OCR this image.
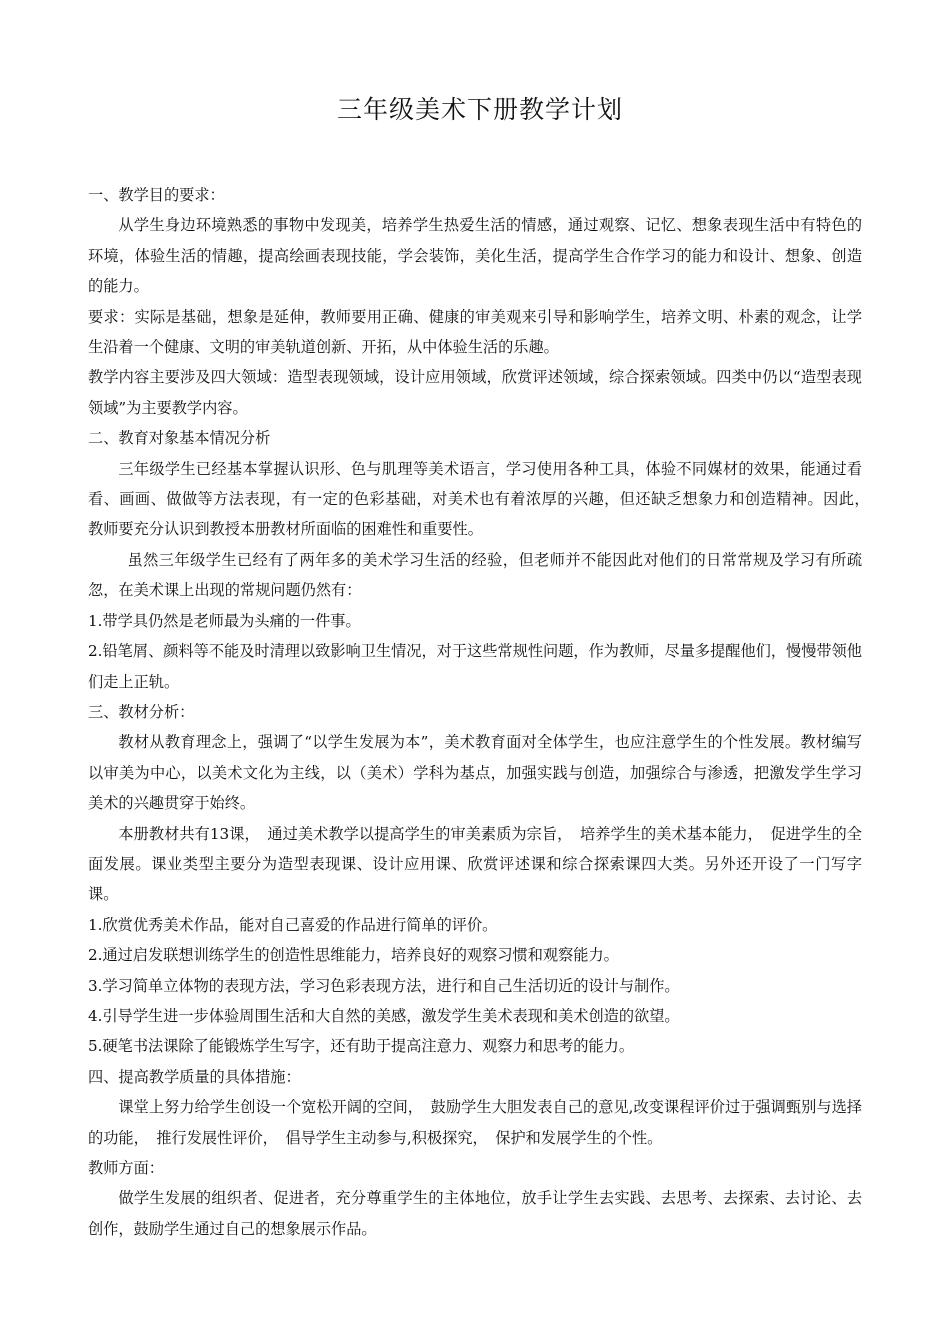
三年级美术下册教学计划

一、教学目的要求：

从学生身边环境熟悉的事物中发现美，培养学生热爱生活的情感，通过观察、记忆、想象表现生活中有特色的环境，体验生活的情趣，提高绘画表现技能，学会装饰，美化生活，提高学生合作学习的能力和设计、想象、创造的能力。

要求：实际是基础，想象是延伸，教师要用正确、健康的审美观来引导和影响学生，培养文明、朴素的观念，让学生沿着一个健康、文明的审美轨道创新、开拓，从中体验生活的乐趣。

教学内容主要涉及四大领域：造型表现领域，设计应用领域，欣赏评述领域，综合探索领域。四类中仍以“造型表现领域”为主要教学内容。

二、教育对象基本情况分析

三年级学生已经基本掌握认识形、色与肌理等美术语言，学习使用各种工具，体验不同媒材的效果，能通过看看、画画、做做等方法表现，有一定的色彩基础，对美术也有着浓厚的兴趣，但还缺乏想象力和创造精神。因此，　教师要充分认识到教授本册教材所面临的困难性和重要性。

虽然三年级学生已经有了两年多的美术学习生活的经验，但老师并不能因此对他们的日常常规及学习有所疏忽，在美术课上出现的常规问题仍然有：

1.带学具仍然是老师最为头痛的一件事。

2.铅笔屑、颜料等不能及时清理以致影响卫生情况，对于这些常规性问题，作为教师，尽量多提醒他们，慢慢带领他们走上正轨。

三、教材分析：

教材从教育理念上，强调了“以学生发展为本”，美术教育面对全体学生，也应注意学生的个性发展。教材编写以审美为中心，以美术文化为主线，以（美术）学科为基点，加强实践与创造，加强综合与渗透，把激发学生学习美术的兴趣贯穿于始终。

本册教材共有13课，　通过美术教学以提高学生的审美素质为宗旨，　培养学生的美术基本能力，　促进学生的全面发展。课业类型主要分为造型表现课、设计应用课、欣赏评述课和综合探索课四大类。另外还开设了一门写字课。

1.欣赏优秀美术作品，能对自己喜爱的作品进行简单的评价。

2.通过启发联想训练学生的创造性思维能力，培养良好的观察习惯和观察能力。

3.学习简单立体物的表现方法，学习色彩表现方法，进行和自己生活切近的设计与制作。

4.引导学生进一步体验周围生活和大自然的美感，激发学生美术表现和美术创造的欲望。

5.硬笔书法课除了能锻炼学生写字，还有助于提高注意力、观察力和思考的能力。

四、提高教学质量的具体措施：

课堂上努力给学生创设一个宽松开阔的空间，　鼓励学生大胆发表自己的意见,改变课程评价过于强调甄别与选择的功能，　推行发展性评价，　倡导学生主动参与,积极探究，　保护和发展学生的个性。

教师方面：

做学生发展的组织者、促进者，充分尊重学生的主体地位，放手让学生去实践、去思考、去探索、去讨论、去创作，鼓励学生通过自己的想象展示作品。
